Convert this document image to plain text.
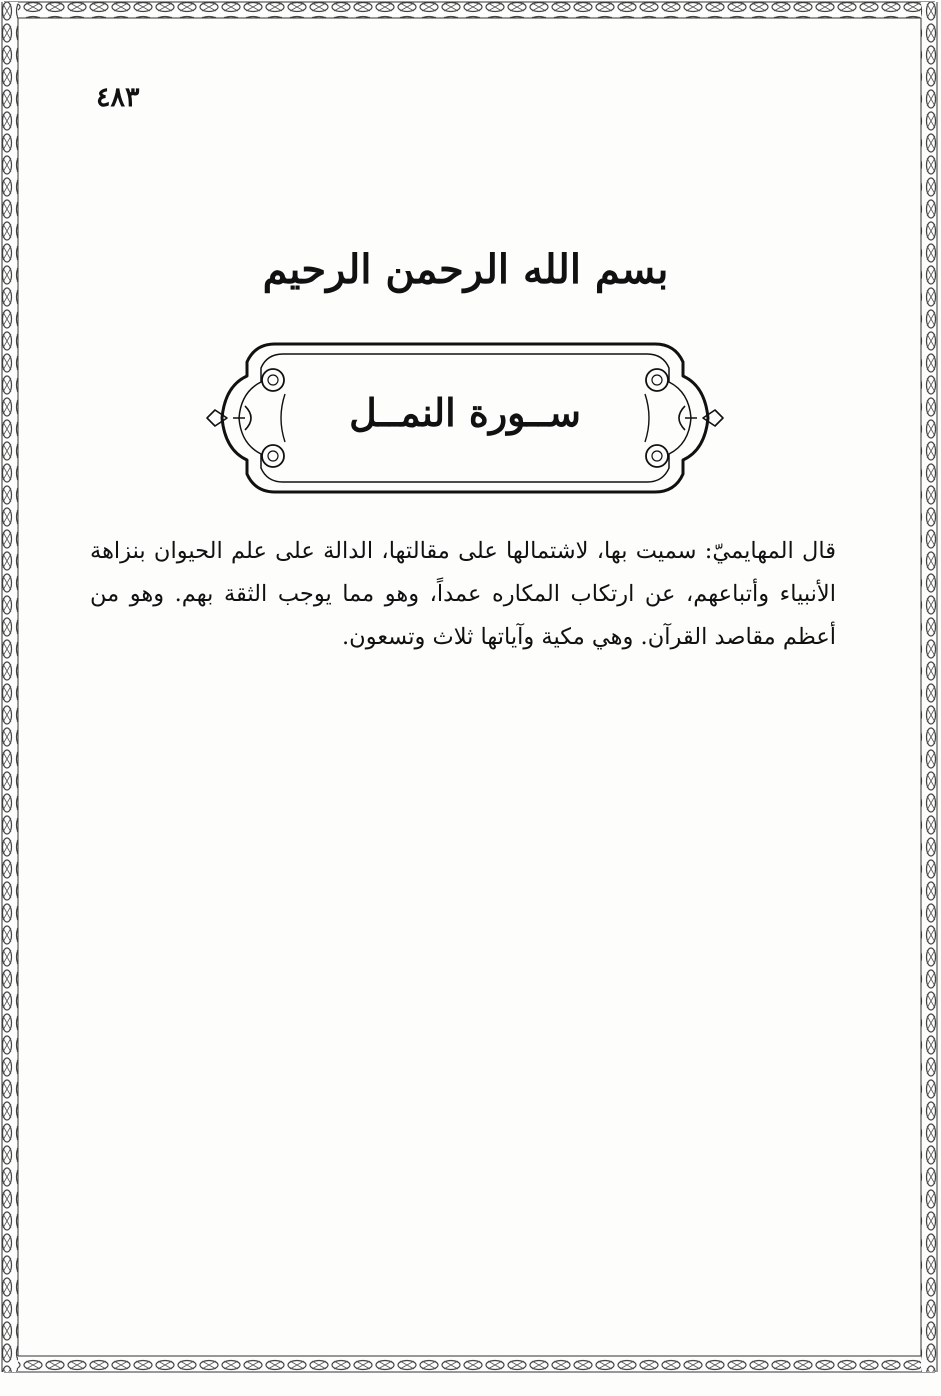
٤٨٣

بسم الله الرحمن الرحيم
ســورة النمــل

قال المهايميّ: سميت بها، لاشتمالها على مقالتها، الدالة على علم الحيوان بنزاهة الأنبياء وأتباعهم، عن ارتكاب المكاره عمداً، وهو مما يوجب الثقة بهم. وهو من أعظم مقاصد القرآن. وهي مكية وآياتها ثلاث وتسعون.
